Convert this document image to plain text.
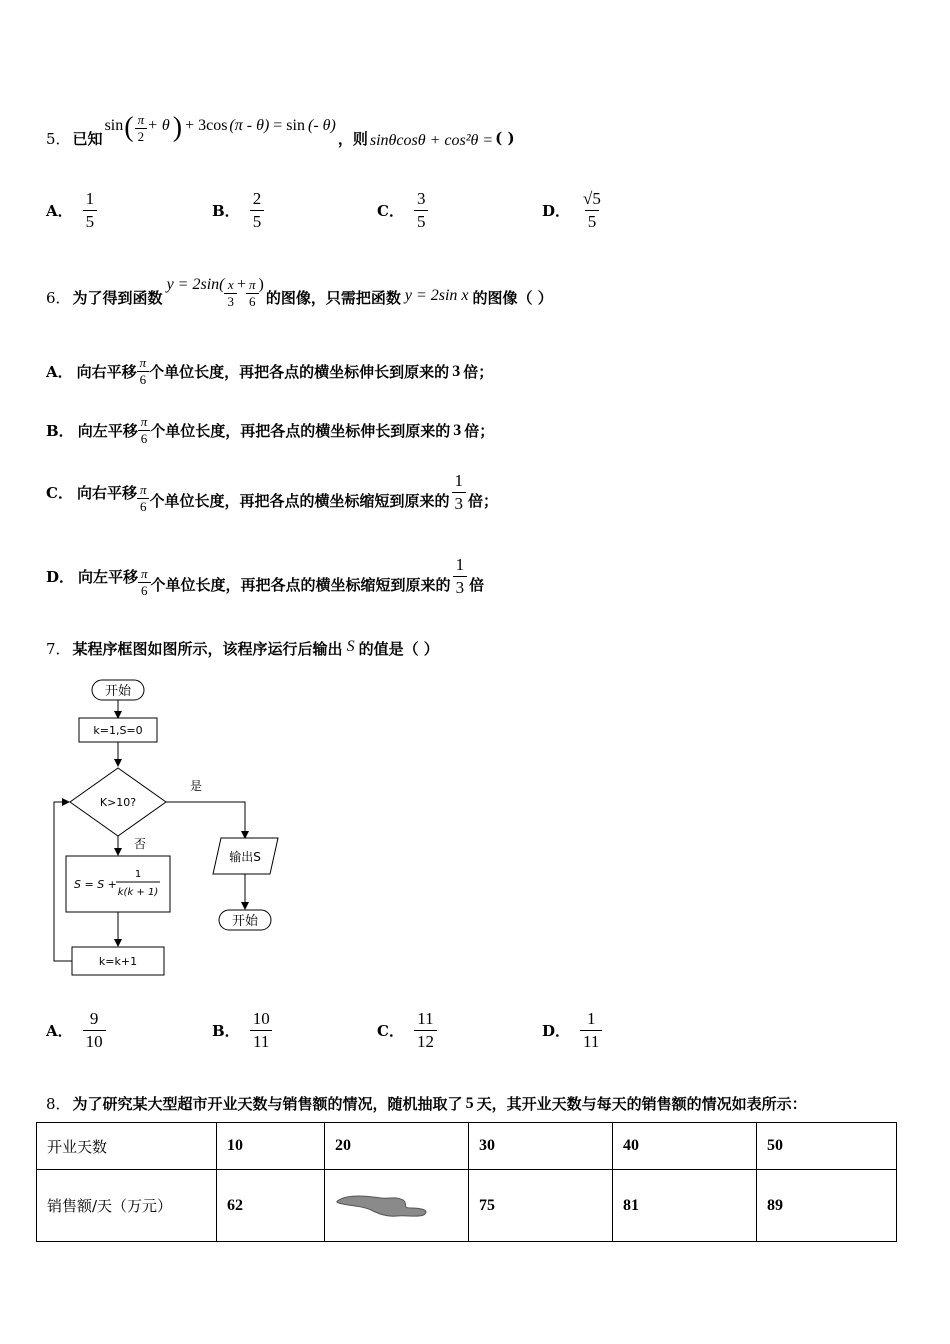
5． 已知
sin ( $\frac{\pi}{2} + \theta$ ) + 3cos (π - θ) = sin (- θ)
，则 sinθcosθ + cos²θ = ( )
A． $\frac{1}{5}$	B． $\frac{2}{5}$	C． $\frac{3}{5}$	D． $\frac{√5}{5}$
6． 为了得到函数
$y = 2\sin( \frac{x}{3} + \frac{\pi}{6}$ )
的图像，只需把函数 y = 2sin x 的图像（ ）
A． 向右平移 $\frac{\pi}{6}$ 个单位长度，再把各点的横坐标伸长到原来的 3 倍；
B． 向左平移 $\frac{\pi}{6}$ 个单位长度，再把各点的横坐标伸长到原来的 3 倍；
C． 向右平移 $\frac{\pi}{6}$ 个单位长度，再把各点的横坐标缩短到原来的 $\frac{1}{3}$ 倍；
D． 向左平移 $\frac{\pi}{6}$ 个单位长度，再把各点的横坐标缩短到原来的 $\frac{1}{3}$ 倍
7． 某程序框图如图所示，该程序运行后输出 S 的值是（ ）
开始
k=1,S=0
K>10?
是
输出S
开始
否
S = S +
1
k(k + 1)
k=k+1
A． $\frac{9}{10}$	B． $\frac{10}{11}$	C． $\frac{11}{12}$	D． $\frac{1}{11}$
8． 为了研究某大型超市开业天数与销售额的情况，随机抽取了 5 天，其开业天数与每天的销售额的情况如表所示：
开业天数	10	20	30	40	50
销售额/天（万元）	62		75	81	89
